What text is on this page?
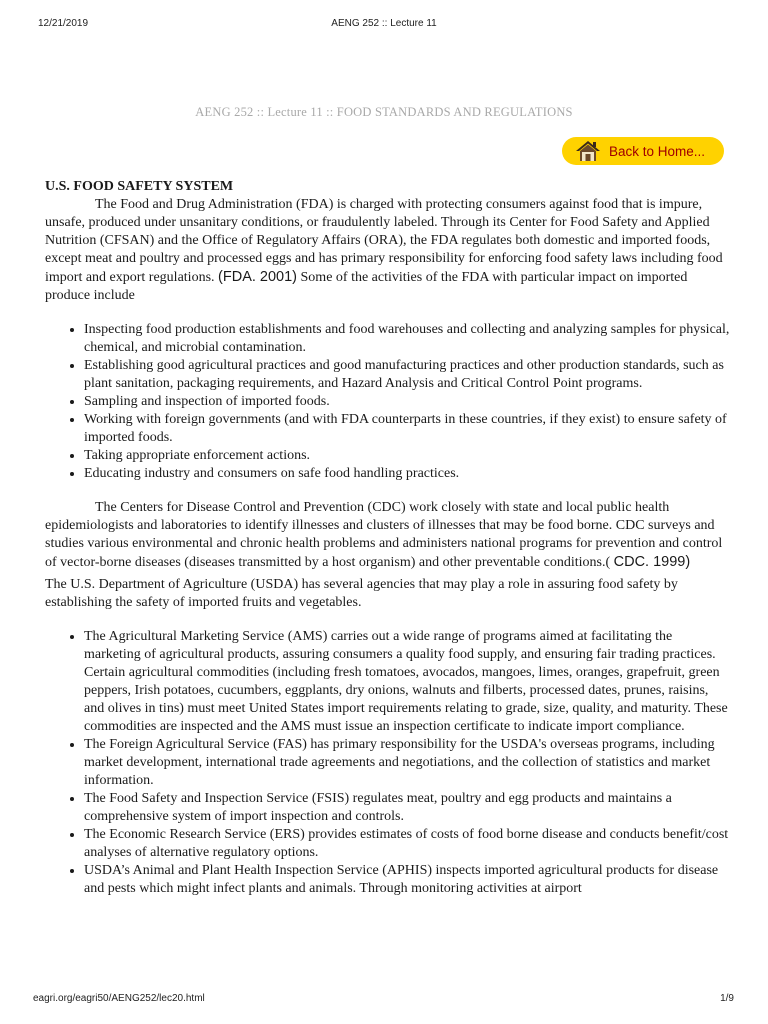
12/21/2019	AENG 252 :: Lecture 11
AENG 252 :: Lecture 11 :: FOOD STANDARDS AND REGULATIONS
Back to Home...
U.S. FOOD SAFETY SYSTEM

The Food and Drug Administration (FDA) is charged with protecting consumers against food that is impure, unsafe, produced under unsanitary conditions, or fraudulently labeled. Through its Center for Food Safety and Applied Nutrition (CFSAN) and the Office of Regulatory Affairs (ORA), the FDA regulates both domestic and imported foods, except meat and poultry and processed eggs and has primary responsibility for enforcing food safety laws including food import and export regulations. (FDA. 2001) Some of the activities of the FDA with particular impact on imported produce include

• Inspecting food production establishments and food warehouses and collecting and analyzing samples for physical, chemical, and microbial contamination.
• Establishing good agricultural practices and good manufacturing practices and other production standards, such as plant sanitation, packaging requirements, and Hazard Analysis and Critical Control Point programs.
• Sampling and inspection of imported foods.
• Working with foreign governments (and with FDA counterparts in these countries, if they exist) to ensure safety of imported foods.
• Taking appropriate enforcement actions.
• Educating industry and consumers on safe food handling practices.

The Centers for Disease Control and Prevention (CDC) work closely with state and local public health epidemiologists and laboratories to identify illnesses and clusters of illnesses that may be food borne. CDC surveys and studies various environmental and chronic health problems and administers national programs for prevention and control of vector-borne diseases (diseases transmitted by a host organism) and other preventable conditions.( CDC. 1999)

The U.S. Department of Agriculture (USDA) has several agencies that may play a role in assuring food safety by establishing the safety of imported fruits and vegetables.

• The Agricultural Marketing Service (AMS) carries out a wide range of programs aimed at facilitating the marketing of agricultural products, assuring consumers a quality food supply, and ensuring fair trading practices. Certain agricultural commodities (including fresh tomatoes, avocados, mangoes, limes, oranges, grapefruit, green peppers, Irish potatoes, cucumbers, eggplants, dry onions, walnuts and filberts, processed dates, prunes, raisins, and olives in tins) must meet United States import requirements relating to grade, size, quality, and maturity. These commodities are inspected and the AMS must issue an inspection certificate to indicate import compliance.
• The Foreign Agricultural Service (FAS) has primary responsibility for the USDA's overseas programs, including market development, international trade agreements and negotiations, and the collection of statistics and market information.
• The Food Safety and Inspection Service (FSIS) regulates meat, poultry and egg products and maintains a comprehensive system of import inspection and controls.
• The Economic Research Service (ERS) provides estimates of costs of food borne disease and conducts benefit/cost analyses of alternative regulatory options.
• USDA’s Animal and Plant Health Inspection Service (APHIS) inspects imported agricultural products for disease and pests which might infect plants and animals. Through monitoring activities at airport
eagri.org/eagri50/AENG252/lec20.html	1/9
